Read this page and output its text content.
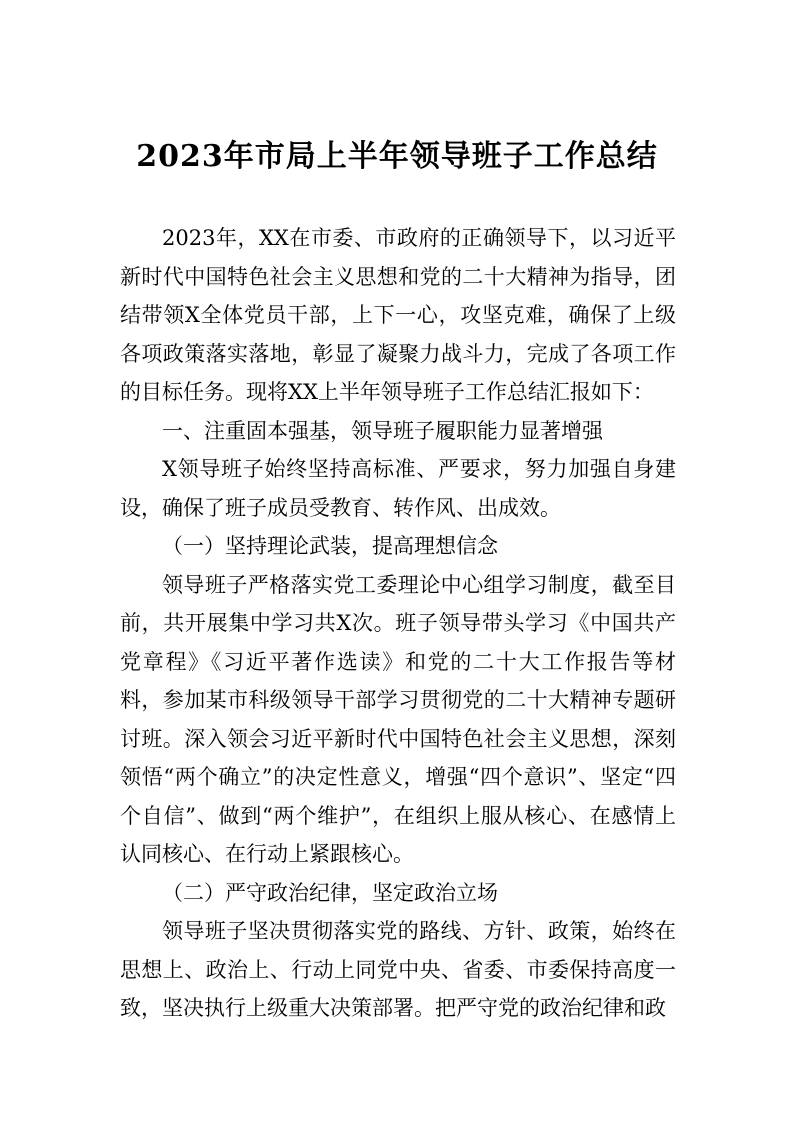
2023年市局上半年领导班子工作总结

2023年，XX在市委、市政府的正确领导下，以习近平新时代中国特色社会主义思想和党的二十大精神为指导，团结带领X全体党员干部，上下一心，攻坚克难，确保了上级各项政策落实落地，彰显了凝聚力战斗力，完成了各项工作的目标任务。现将XX上半年领导班子工作总结汇报如下：

一、注重固本强基，领导班子履职能力显著增强

X领导班子始终坚持高标准、严要求，努力加强自身建设，确保了班子成员受教育、转作风、出成效。

（一）坚持理论武装，提高理想信念

领导班子严格落实党工委理论中心组学习制度，截至目前，共开展集中学习共X次。班子领导带头学习《中国共产党章程》《习近平著作选读》和党的二十大工作报告等材料，参加某市科级领导干部学习贯彻党的二十大精神专题研讨班。深入领会习近平新时代中国特色社会主义思想，深刻领悟“两个确立”的决定性意义，增强“四个意识”、坚定“四个自信”、做到“两个维护”，在组织上服从核心、在感情上认同核心、在行动上紧跟核心。

（二）严守政治纪律，坚定政治立场

领导班子坚决贯彻落实党的路线、方针、政策，始终在思想上、政治上、行动上同党中央、省委、市委保持高度一致，坚决执行上级重大决策部署。把严守党的政治纪律和政
